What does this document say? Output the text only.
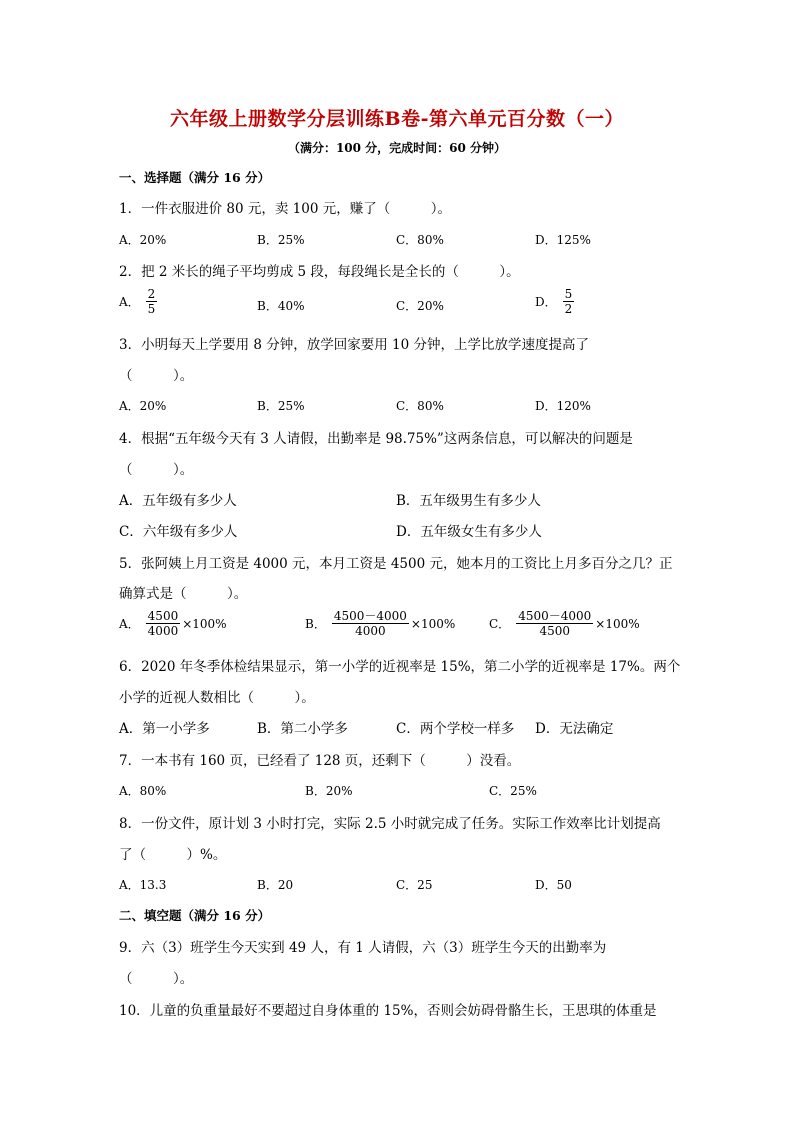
六年级上册数学分层训练B卷-第六单元百分数（一）
（满分：100 分，完成时间：60 分钟）
一、选择题（满分 16 分）
1．一件衣服进价 80 元，卖 100 元，赚了（　　　）。
A．20%	B．25%	C．80%	D．125%
2．把 2 米长的绳子平均剪成 5 段，每段绳长是全长的（　　　）。
A． $\frac{2}{5}$	B．40%	C．20%	D． $\frac{5}{2}$
3．小明每天上学要用 8 分钟，放学回家要用 10 分钟，上学比放学速度提高了
（　　　）。
A．20%	B．25%	C．80%	D．120%
4．根据“五年级今天有 3 人请假，出勤率是 98.75%”这两条信息，可以解决的问题是
（　　　）。
A．五年级有多少人	B．五年级男生有多少人
C．六年级有多少人	D．五年级女生有多少人
5．张阿姨上月工资是 4000 元，本月工资是 4500 元，她本月的工资比上月多百分之几？正
确算式是（　　　）。
A． $\frac{4500}{4000} \times 100\%$	B． $\frac{4500-4000}{4000} \times 100\%$	C． $\frac{4500-4000}{4500} \times 100\%$
6．2020 年冬季体检结果显示，第一小学的近视率是 15%，第二小学的近视率是 17%。两个
小学的近视人数相比（　　　）。
A．第一小学多	B．第二小学多	C．两个学校一样多 D．无法确定
7．一本书有 160 页，已经看了 128 页，还剩下（　　　）没看。
A．80%	B．20%	C．25%
8．一份文件，原计划 3 小时打完，实际 2.5 小时就完成了任务。实际工作效率比计划提高
了（　　　）%。
A．13.3	B．20	C．25	D．50
二、填空题（满分 16 分）
9．六（3）班学生今天实到 49 人，有 1 人请假，六（3）班学生今天的出勤率为
（　　　）。
10．儿童的负重量最好不要超过自身体重的 15%，否则会妨碍骨骼生长，王思琪的体重是
